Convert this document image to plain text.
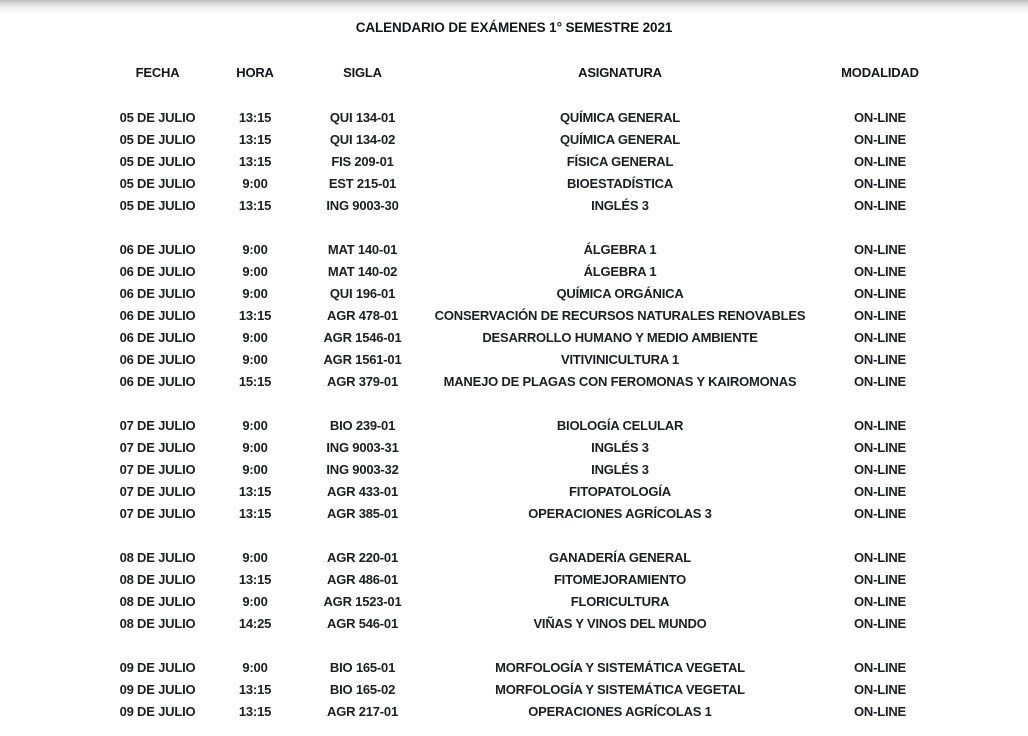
CALENDARIO DE EXÁMENES 1° SEMESTRE 2021
FECHA	HORA	SIGLA	ASIGNATURA	MODALIDAD
05 DE JULIO	13:15	QUI 134-01	QUÍMICA GENERAL	ON-LINE
05 DE JULIO	13:15	QUI 134-02	QUÍMICA GENERAL	ON-LINE
05 DE JULIO	13:15	FIS 209-01	FÍSICA GENERAL	ON-LINE
05 DE JULIO	9:00	EST 215-01	BIOESTADÍSTICA	ON-LINE
05 DE JULIO	13:15	ING 9003-30	INGLÉS 3	ON-LINE
06 DE JULIO	9:00	MAT 140-01	ÁLGEBRA 1	ON-LINE
06 DE JULIO	9:00	MAT 140-02	ÁLGEBRA 1	ON-LINE
06 DE JULIO	9:00	QUI 196-01	QUÍMICA ORGÁNICA	ON-LINE
06 DE JULIO	13:15	AGR 478-01	CONSERVACIÓN DE RECURSOS NATURALES RENOVABLES	ON-LINE
06 DE JULIO	9:00	AGR 1546-01	DESARROLLO HUMANO Y MEDIO AMBIENTE	ON-LINE
06 DE JULIO	9:00	AGR 1561-01	VITIVINICULTURA 1	ON-LINE
06 DE JULIO	15:15	AGR 379-01	MANEJO DE PLAGAS CON FEROMONAS Y KAIROMONAS	ON-LINE
07 DE JULIO	9:00	BIO 239-01	BIOLOGÍA CELULAR	ON-LINE
07 DE JULIO	9:00	ING 9003-31	INGLÉS 3	ON-LINE
07 DE JULIO	9:00	ING 9003-32	INGLÉS 3	ON-LINE
07 DE JULIO	13:15	AGR 433-01	FITOPATOLOGÍA	ON-LINE
07 DE JULIO	13:15	AGR 385-01	OPERACIONES AGRÍCOLAS 3	ON-LINE
08 DE JULIO	9:00	AGR 220-01	GANADERÍA GENERAL	ON-LINE
08 DE JULIO	13:15	AGR 486-01	FITOMEJORAMIENTO	ON-LINE
08 DE JULIO	9:00	AGR 1523-01	FLORICULTURA	ON-LINE
08 DE JULIO	14:25	AGR 546-01	VIÑAS Y VINOS DEL MUNDO	ON-LINE
09 DE JULIO	9:00	BIO 165-01	MORFOLOGÍA Y SISTEMÁTICA VEGETAL	ON-LINE
09 DE JULIO	13:15	BIO 165-02	MORFOLOGÍA Y SISTEMÁTICA VEGETAL	ON-LINE
09 DE JULIO	13:15	AGR 217-01	OPERACIONES AGRÍCOLAS 1	ON-LINE
